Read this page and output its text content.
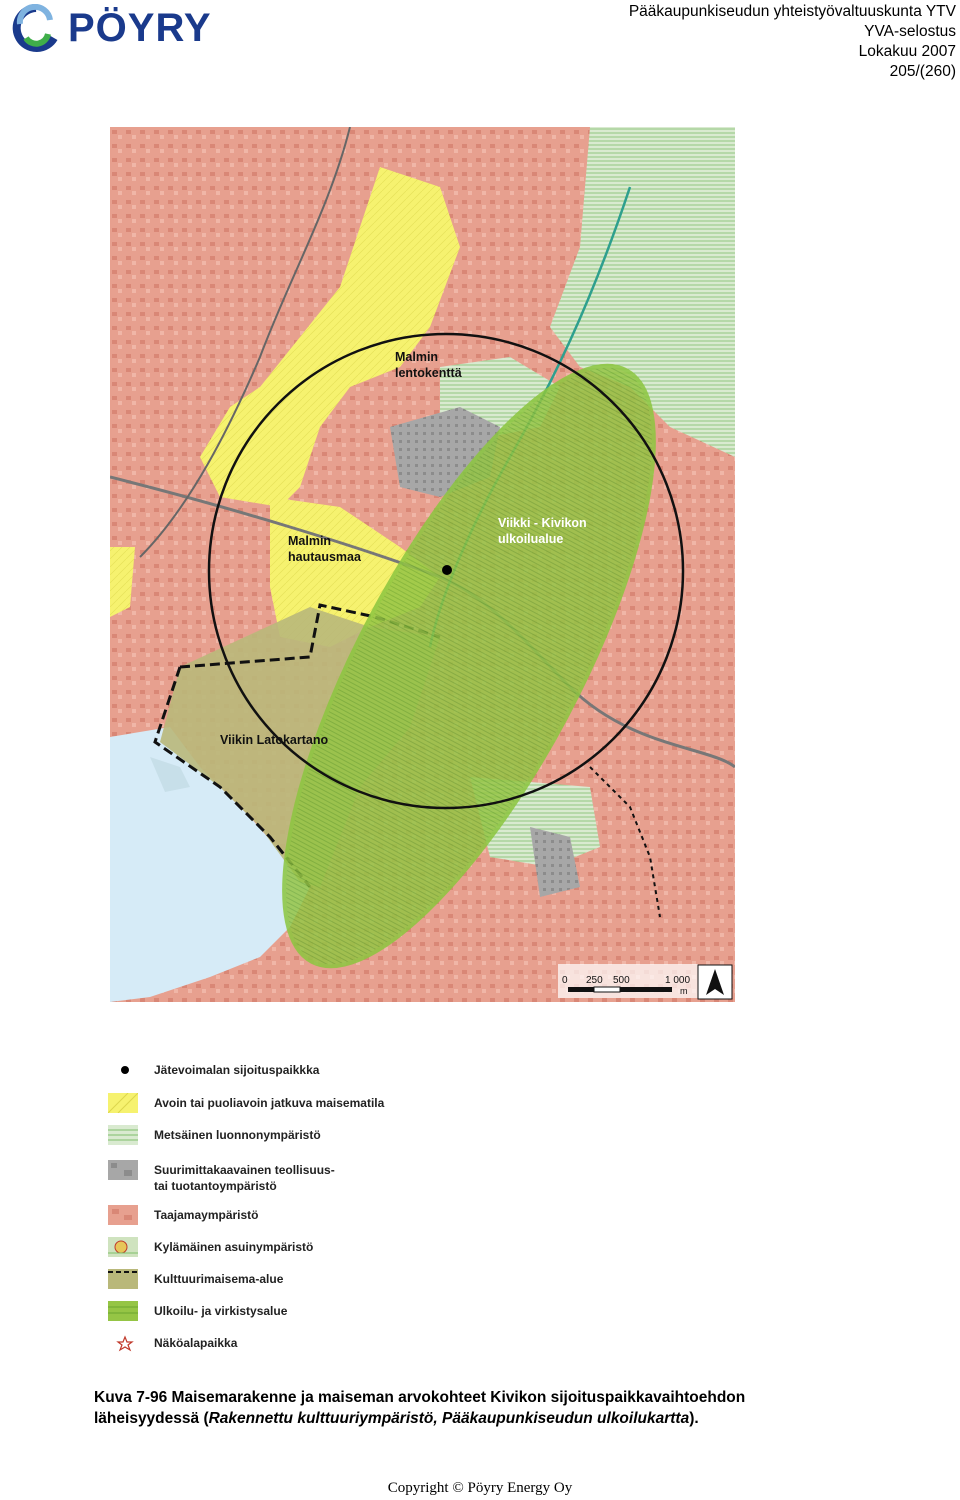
PÖYRY	Pääkaupunkiseudun yhteistyövaltuuskunta YTV
YVA-selostus
Lokakuu 2007
205/(260)
Malmin
lentokenttä
Malmin
hautausmaa
Viikki - Kivikon
ulkoilualue
Viikin Latokartano
0 250 500	1 000
m
Jätevoimalan sijoituspaikkka
Avoin tai puoliavoin jatkuva maisematila
Metsäinen luonnonympäristö
Suurimittakaavainen teollisuus-
tai tuotantoympäristö
Taajamaympäristö
Kylämäinen asuinympäristö
Kulttuurimaisema-alue
Ulkoilu- ja virkistysalue
Näköalapaikka
Kuva 7-96 Maisemarakenne ja maiseman arvokohteet Kivikon sijoituspaikkavaihtoehdon
läheisyydessä (Rakennettu kulttuuriympäristö, Pääkaupunkiseudun ulkoilukartta).
Copyright © Pöyry Energy Oy
